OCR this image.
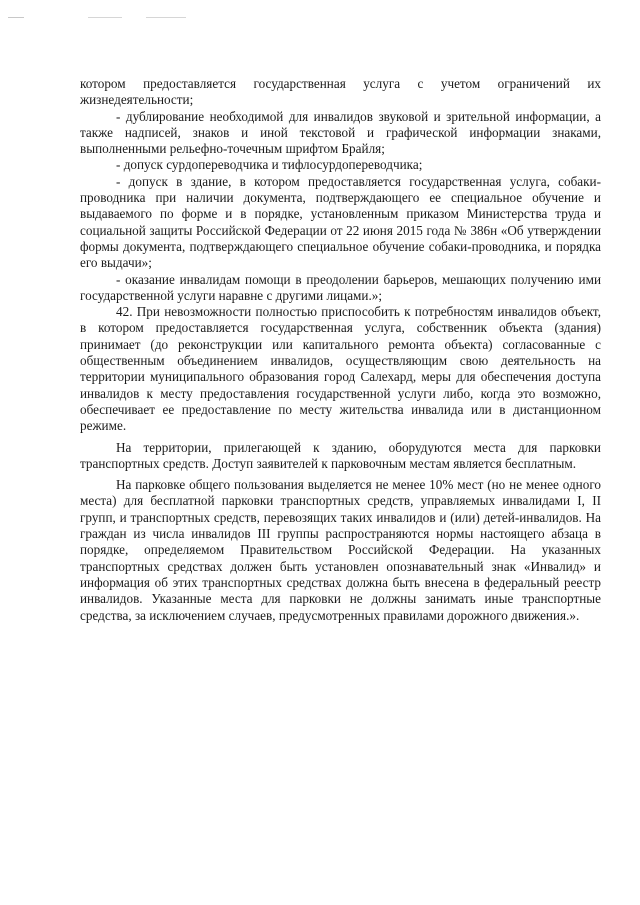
котором предоставляется государственная услуга с учетом ограничений их жизнедеятельности;

- дублирование необходимой для инвалидов звуковой и зрительной информации, а также надписей, знаков и иной текстовой и графической информации знаками, выполненными рельефно-точечным шрифтом Брайля;

- допуск сурдопереводчика и тифлосурдопереводчика;

- допуск в здание, в котором предоставляется государственная услуга, собаки-проводника при наличии документа, подтверждающего ее специальное обучение и выдаваемого по форме и в порядке, установленным приказом Министерства труда и социальной защиты Российской Федерации от 22 июня 2015 года № 386н «Об утверждении формы документа, подтверждающего специальное обучение собаки-проводника, и порядка его выдачи»;

- оказание инвалидам помощи в преодолении барьеров, мешающих получению ими государственной услуги наравне с другими лицами.»;

42. При невозможности полностью приспособить к потребностям инвалидов объект, в котором предоставляется государственная услуга, собственник объекта (здания) принимает (до реконструкции или капитального ремонта объекта) согласованные с общественным объединением инвалидов, осуществляющим свою деятельность на территории муниципального образования город Салехард, меры для обеспечения доступа инвалидов к месту предоставления государственной услуги либо, когда это возможно, обеспечивает ее предоставление по месту жительства инвалида или в дистанционном режиме.

На территории, прилегающей к зданию, оборудуются места для парковки транспортных средств. Доступ заявителей к парковочным местам является бесплатным.

На парковке общего пользования выделяется не менее 10% мест (но не менее одного места) для бесплатной парковки транспортных средств, управляемых инвалидами I, II групп, и транспортных средств, перевозящих таких инвалидов и (или) детей-инвалидов. На граждан из числа инвалидов III группы распространяются нормы настоящего абзаца в порядке, определяемом Правительством Российской Федерации. На указанных транспортных средствах должен быть установлен опознавательный знак «Инвалид» и информация об этих транспортных средствах должна быть внесена в федеральный реестр инвалидов. Указанные места для парковки не должны занимать иные транспортные средства, за исключением случаев, предусмотренных правилами дорожного движения.».
